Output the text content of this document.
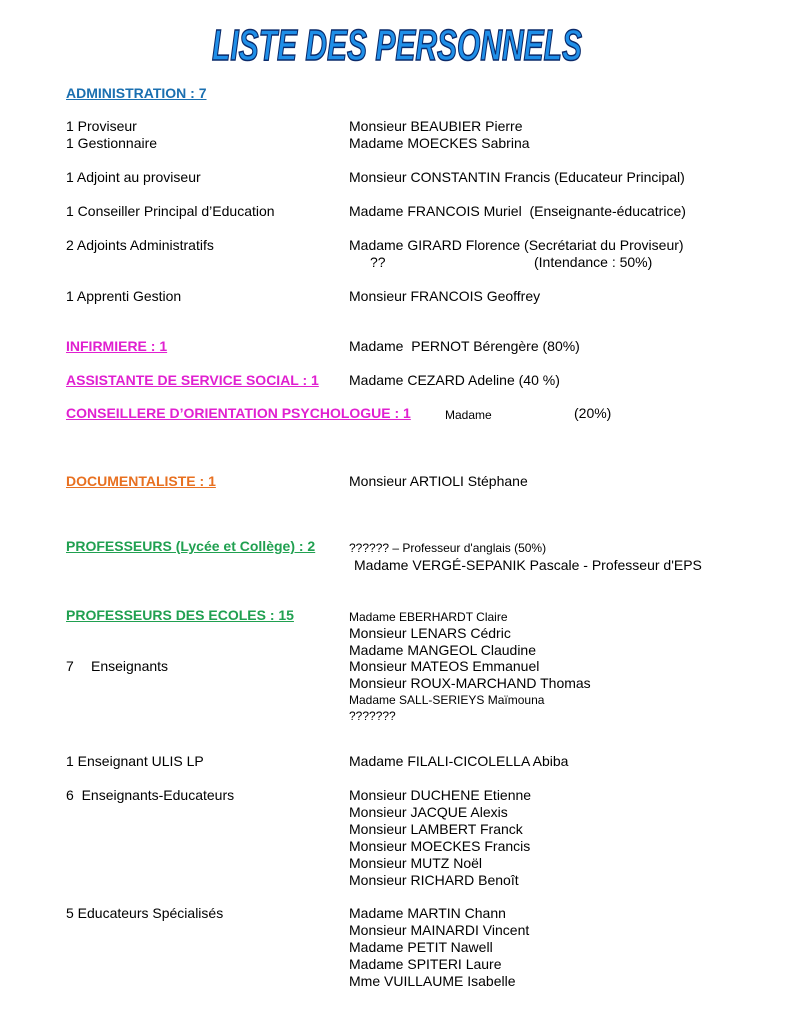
LISTE DES PERSONNELS
ADMINISTRATION : 7
1 Proviseur	Monsieur BEAUBIER Pierre
1 Gestionnaire	Madame MOECKES Sabrina
1 Adjoint au proviseur	Monsieur CONSTANTIN Francis (Educateur Principal)
1 Conseiller Principal d’Education	Madame FRANCOIS Muriel  (Enseignante-éducatrice)
2 Adjoints Administratifs	Madame GIRARD Florence (Secrétariat du Proviseur)
??	(Intendance : 50%)
1 Apprenti Gestion	Monsieur FRANCOIS Geoffrey
INFIRMIERE : 1	Madame  PERNOT Bérengère (80%)
ASSISTANTE DE SERVICE SOCIAL : 1 Madame CEZARD Adeline (40 %)
CONSEILLERE D’ORIENTATION PSYCHOLOGUE : 1	Madame	(20%)
DOCUMENTALISTE : 1	Monsieur ARTIOLI Stéphane
PROFESSEURS (Lycée et Collège) : 2	?????? – Professeur d'anglais (50%)
Madame VERGÉ-SEPANIK Pascale - Professeur d'EPS
PROFESSEURS DES ECOLES : 15	Madame EBERHARDT Claire
Monsieur LENARS Cédric
Madame MANGEOL Claudine
7 Enseignants	Monsieur MATEOS Emmanuel
Monsieur ROUX-MARCHAND Thomas
Madame SALL-SERIEYS Maïmouna
???????
1 Enseignant ULIS LP	Madame FILALI-CICOLELLA Abiba
6  Enseignants-Educateurs	Monsieur DUCHENE Etienne
Monsieur JACQUE Alexis
Monsieur LAMBERT Franck
Monsieur MOECKES Francis
Monsieur MUTZ Noël
Monsieur RICHARD Benoît
5 Educateurs Spécialisés	Madame MARTIN Chann
Monsieur MAINARDI Vincent
Madame PETIT Nawell
Madame SPITERI Laure
Mme VUILLAUME Isabelle
